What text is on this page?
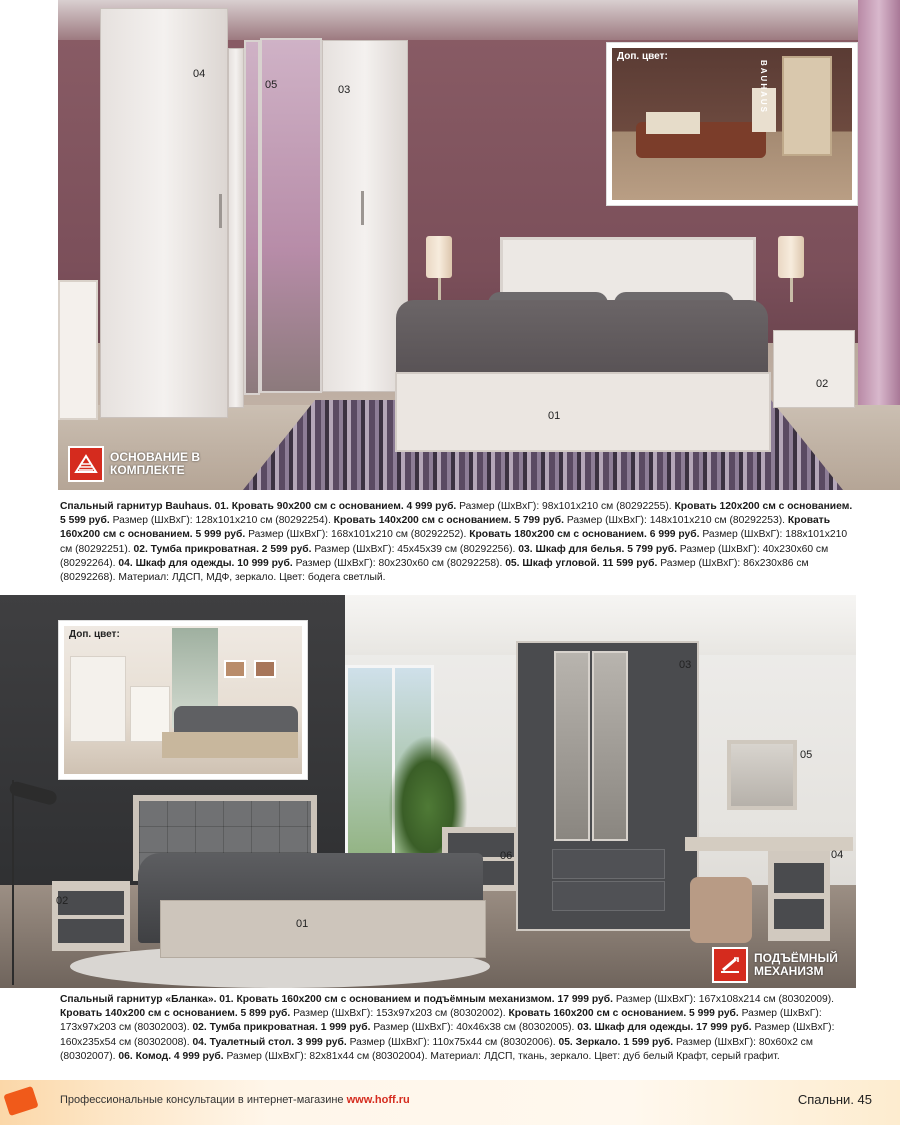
BAUHAUS
Доп. цвет:
04
05	03
01
02
ОСНОВАНИЕ В КОМПЛЕКТЕ
Спальный гарнитур Bauhaus. 01. Кровать 90х200 см с основанием. 4 999 руб. Размер (ШхВхГ): 98x101x210 см (80292255). Кровать 120х200 см с основанием. 5 599 руб. Размер (ШхВхГ): 128x101x210 см (80292254). Кровать 140х200 см с основанием. 5 799 руб. Размер (ШхВхГ): 148x101x210 см (80292253). Кровать 160х200 см с основанием. 5 999 руб. Размер (ШхВхГ): 168x101x210 см (80292252). Кровать 180х200 см с основанием. 6 999 руб. Размер (ШхВхГ): 188x101x210 см (80292251). 02. Тумба прикроватная. 2 599 руб. Размер (ШхВхГ): 45x45x39 см (80292256). 03. Шкаф для белья. 5 799 руб. Размер (ШхВхГ): 40x230x60 см (80292264). 04. Шкаф для одежды. 10 999 руб. Размер (ШхВхГ): 80x230x60 см (80292258). 05. Шкаф угловой. 11 599 руб. Размер (ШхВхГ): 86x230x86 см (80292268). Материал: ЛДСП, МДФ, зеркало. Цвет: бодега светлый.
Доп. цвет:
03
05
06	04
02
01
ПОДЪЁМНЫЙ МЕХАНИЗМ
Спальный гарнитур «Бланка». 01. Кровать 160х200 см с основанием и подъёмным механизмом. 17 999 руб. Размер (ШхВхГ): 167x108x214 см (80302009). Кровать 140х200 см с основанием. 5 899 руб. Размер (ШхВхГ): 153x97x203 см (80302002). Кровать 160х200 см с основанием. 5 999 руб. Размер (ШхВхГ): 173x97x203 см (80302003). 02. Тумба прикроватная. 1 999 руб. Размер (ШхВхГ): 40x46x38 см (80302005). 03. Шкаф для одежды. 17 999 руб. Размер (ШхВхГ): 160x235x54 см (80302008). 04. Туалетный стол. 3 999 руб. Размер (ШхВхГ): 110x75x44 см (80302006). 05. Зеркало. 1 599 руб. Размер (ШхВхГ): 80x60x2 см (80302007). 06. Комод. 4 999 руб. Размер (ШхВхГ): 82x81x44 см (80302004). Материал: ЛДСП, ткань, зеркало. Цвет: дуб белый Крафт, серый графит.
Профессиональные консультации в интернет-магазине www.hoff.ru	Спальни. 45
